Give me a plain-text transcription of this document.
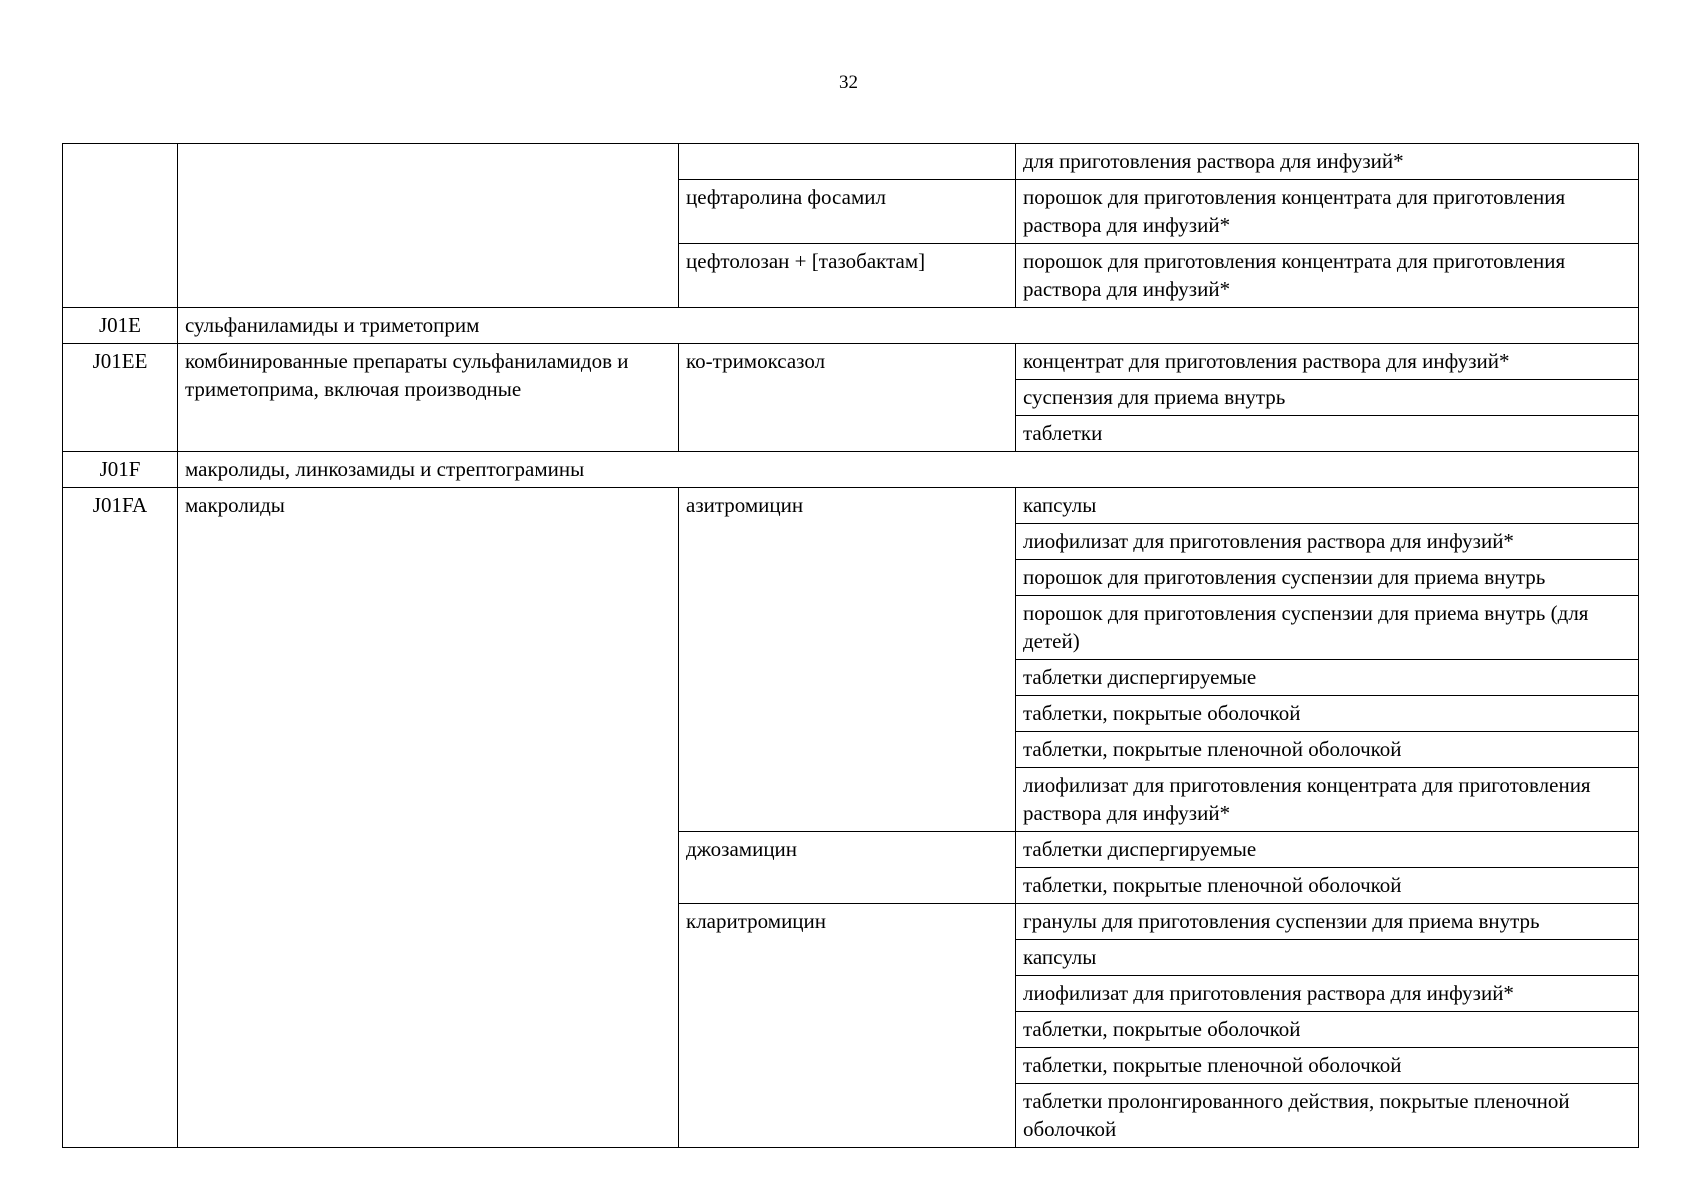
32
			для приготовления раствора для инфузий*
		цефтаролина фосамил	порошок для приготовления концентрата для приготовления раствора для инфузий*
		цефтолозан + [тазобактам]	порошок для приготовления концентрата для приготовления раствора для инфузий*
J01E	сульфаниламиды и триметоприм		
J01EE	комбинированные препараты сульфаниламидов и триметоприма, включая производные	ко-тримоксазол	концентрат для приготовления раствора для инфузий*
			суспензия для приема внутрь
			таблетки
J01F	макролиды, линкозамиды и стрептограмины		
J01FA	макролиды	азитромицин	капсулы
			лиофилизат для приготовления раствора для инфузий*
			порошок для приготовления суспензии для приема внутрь
			порошок для приготовления суспензии для приема внутрь (для детей)
			таблетки диспергируемые
			таблетки, покрытые оболочкой
			таблетки, покрытые пленочной оболочкой
			лиофилизат для приготовления концентрата для приготовления раствора для инфузий*
		джозамицин	таблетки диспергируемые
			таблетки, покрытые пленочной оболочкой
		кларитромицин	гранулы для приготовления суспензии для приема внутрь
			капсулы
			лиофилизат для приготовления раствора для инфузий*
			таблетки, покрытые оболочкой
			таблетки, покрытые пленочной оболочкой
			таблетки пролонгированного действия, покрытые пленочной оболочкой
